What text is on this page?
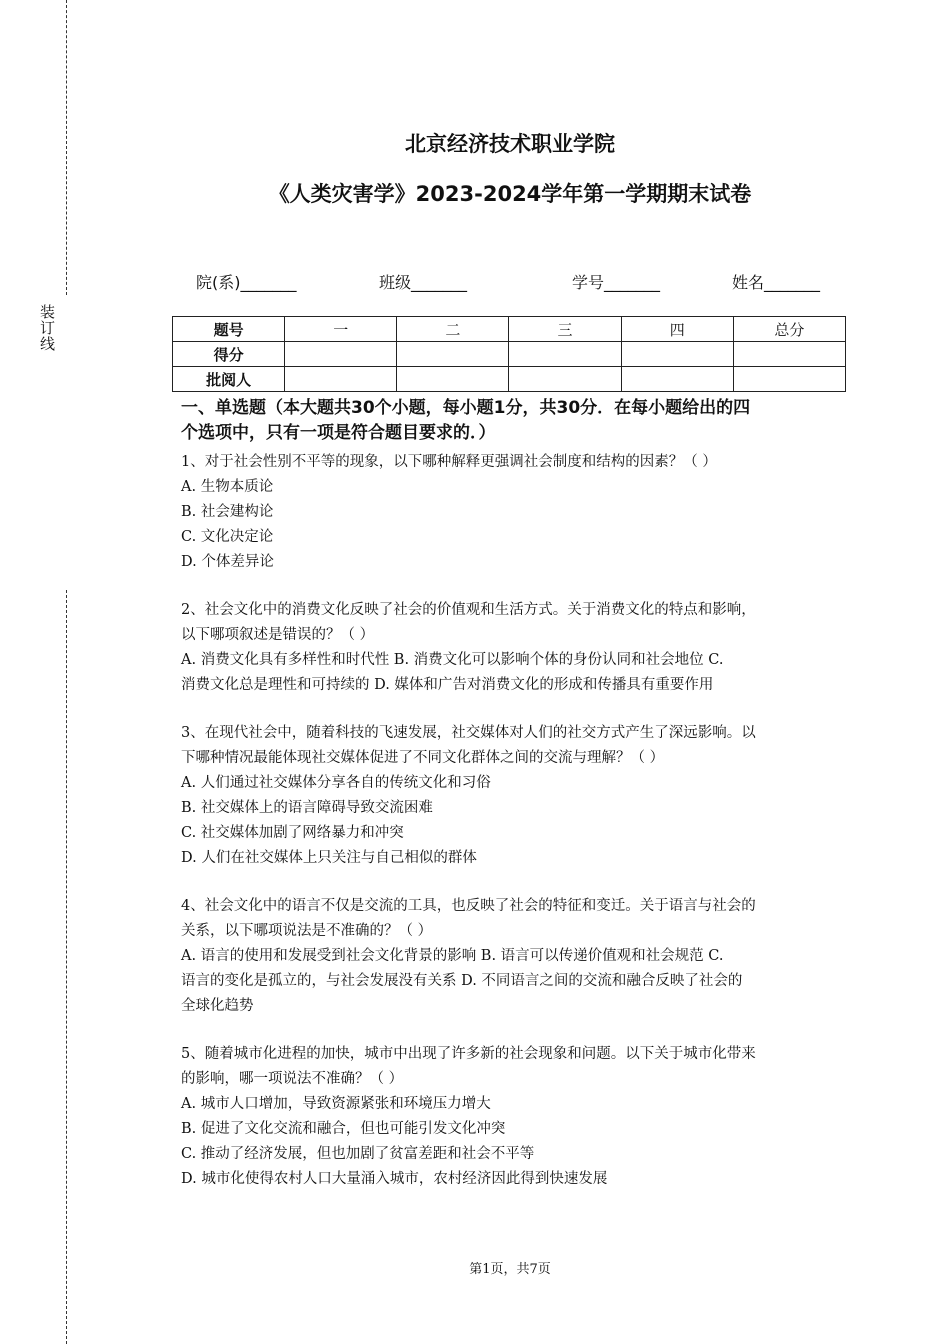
装订线
北京经济技术职业学院
《人类灾害学》2023-2024学年第一学期期末试卷
院(系)_______	班级_______	学号_______	姓名_______
题号	一	二	三	四	总分
得分					
批阅人					
一、单选题（本大题共30个小题，每小题1分，共30分．在每小题给出的四
个选项中，只有一项是符合题目要求的．）

1、对于社会性别不平等的现象，以下哪种解释更强调社会制度和结构的因素？（ ）

A. 生物本质论

B. 社会建构论

C. 文化决定论

D. 个体差异论

2、社会文化中的消费文化反映了社会的价值观和生活方式。关于消费文化的特点和影响，

以下哪项叙述是错误的？（ ）

A. 消费文化具有多样性和时代性 B. 消费文化可以影响个体的身份认同和社会地位 C.

消费文化总是理性和可持续的 D. 媒体和广告对消费文化的形成和传播具有重要作用

3、在现代社会中，随着科技的飞速发展，社交媒体对人们的社交方式产生了深远影响。以

下哪种情况最能体现社交媒体促进了不同文化群体之间的交流与理解？（ ）

A. 人们通过社交媒体分享各自的传统文化和习俗

B. 社交媒体上的语言障碍导致交流困难

C. 社交媒体加剧了网络暴力和冲突

D. 人们在社交媒体上只关注与自己相似的群体

4、社会文化中的语言不仅是交流的工具，也反映了社会的特征和变迁。关于语言与社会的

关系，以下哪项说法是不准确的？（ ）

A. 语言的使用和发展受到社会文化背景的影响 B. 语言可以传递价值观和社会规范 C.

语言的变化是孤立的，与社会发展没有关系 D. 不同语言之间的交流和融合反映了社会的

全球化趋势

5、随着城市化进程的加快，城市中出现了许多新的社会现象和问题。以下关于城市化带来

的影响，哪一项说法不准确？（ ）

A. 城市人口增加，导致资源紧张和环境压力增大

B. 促进了文化交流和融合，但也可能引发文化冲突

C. 推动了经济发展，但也加剧了贫富差距和社会不平等

D. 城市化使得农村人口大量涌入城市，农村经济因此得到快速发展

第1页，共7页
